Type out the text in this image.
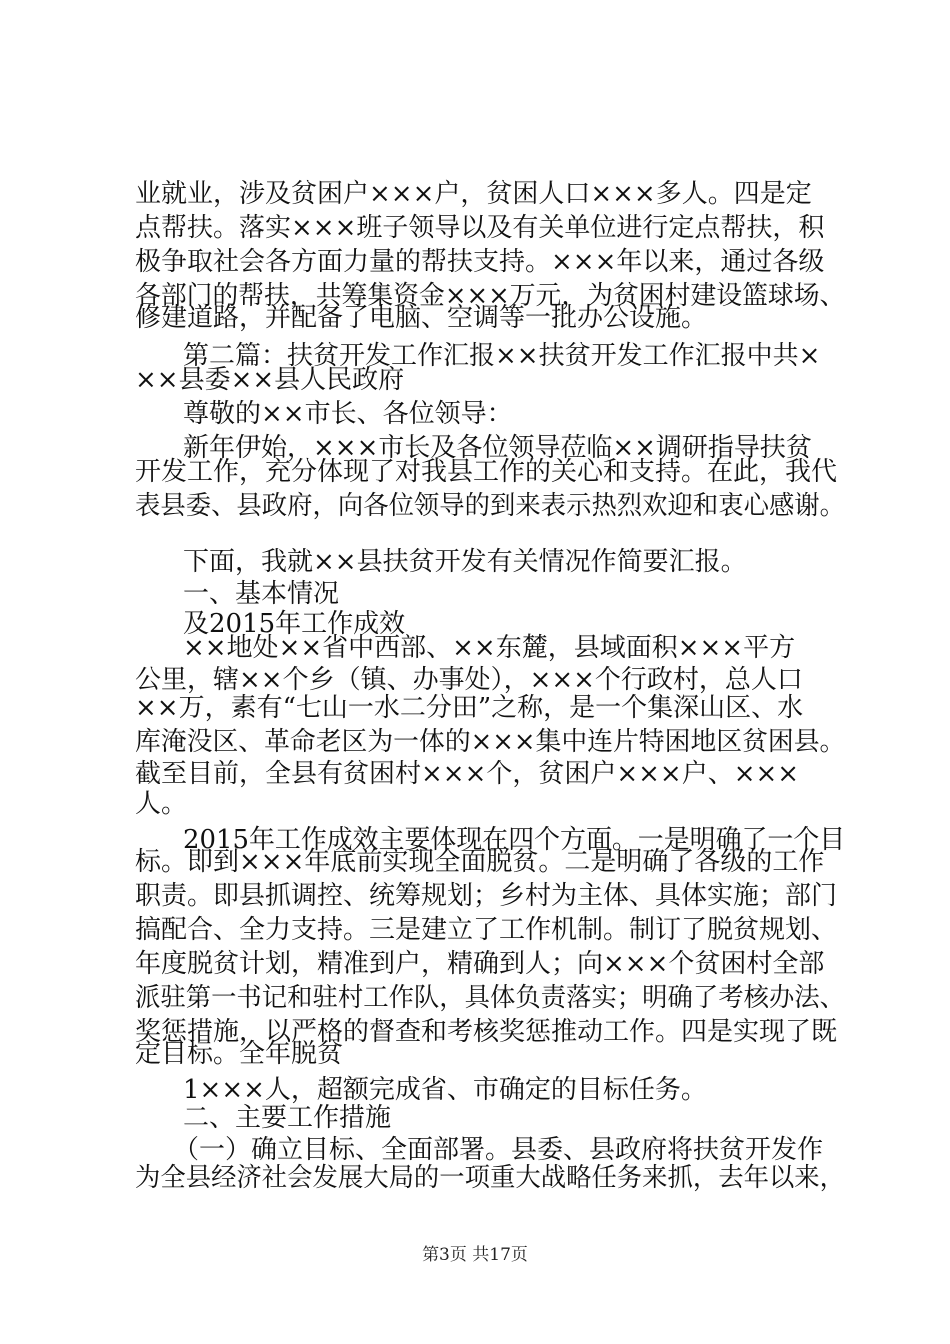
业就业，涉及贫困户×××户，贫困人口×××多人。四是定
点帮扶。落实×××班子领导以及有关单位进行定点帮扶，积
极争取社会各方面力量的帮扶支持。×××年以来，通过各级
各部门的帮扶，共筹集资金×××万元，为贫困村建设篮球场、
修建道路，并配备了电脑、空调等一批办公设施。
第二篇：扶贫开发工作汇报××扶贫开发工作汇报中共×
××县委××县人民政府
尊敬的××市长、各位领导：
新年伊始，×××市长及各位领导莅临××调研指导扶贫
开发工作，充分体现了对我县工作的关心和支持。在此，我代
表县委、县政府，向各位领导的到来表示热烈欢迎和衷心感谢。
下面，我就××县扶贫开发有关情况作简要汇报。
一、基本情况
及2015年工作成效
××地处××省中西部、××东麓，县域面积×××平方
公里，辖××个乡（镇、办事处），×××个行政村，总人口
××万，素有“七山一水二分田”之称，是一个集深山区、水
库淹没区、革命老区为一体的×××集中连片特困地区贫困县。
截至目前，全县有贫困村×××个，贫困户×××户、×××
人。
2015年工作成效主要体现在四个方面。一是明确了一个目
标。即到×××年底前实现全面脱贫。二是明确了各级的工作
职责。即县抓调控、统筹规划；乡村为主体、具体实施；部门
搞配合、全力支持。三是建立了工作机制。制订了脱贫规划、
年度脱贫计划，精准到户，精确到人；向×××个贫困村全部
派驻第一书记和驻村工作队，具体负责落实；明确了考核办法、
奖惩措施，以严格的督查和考核奖惩推动工作。四是实现了既
定目标。全年脱贫
1×××人，超额完成省、市确定的目标任务。
二、主要工作措施
（一）确立目标、全面部署。县委、县政府将扶贫开发作
为全县经济社会发展大局的一项重大战略任务来抓，去年以来，
第3页 共17页
